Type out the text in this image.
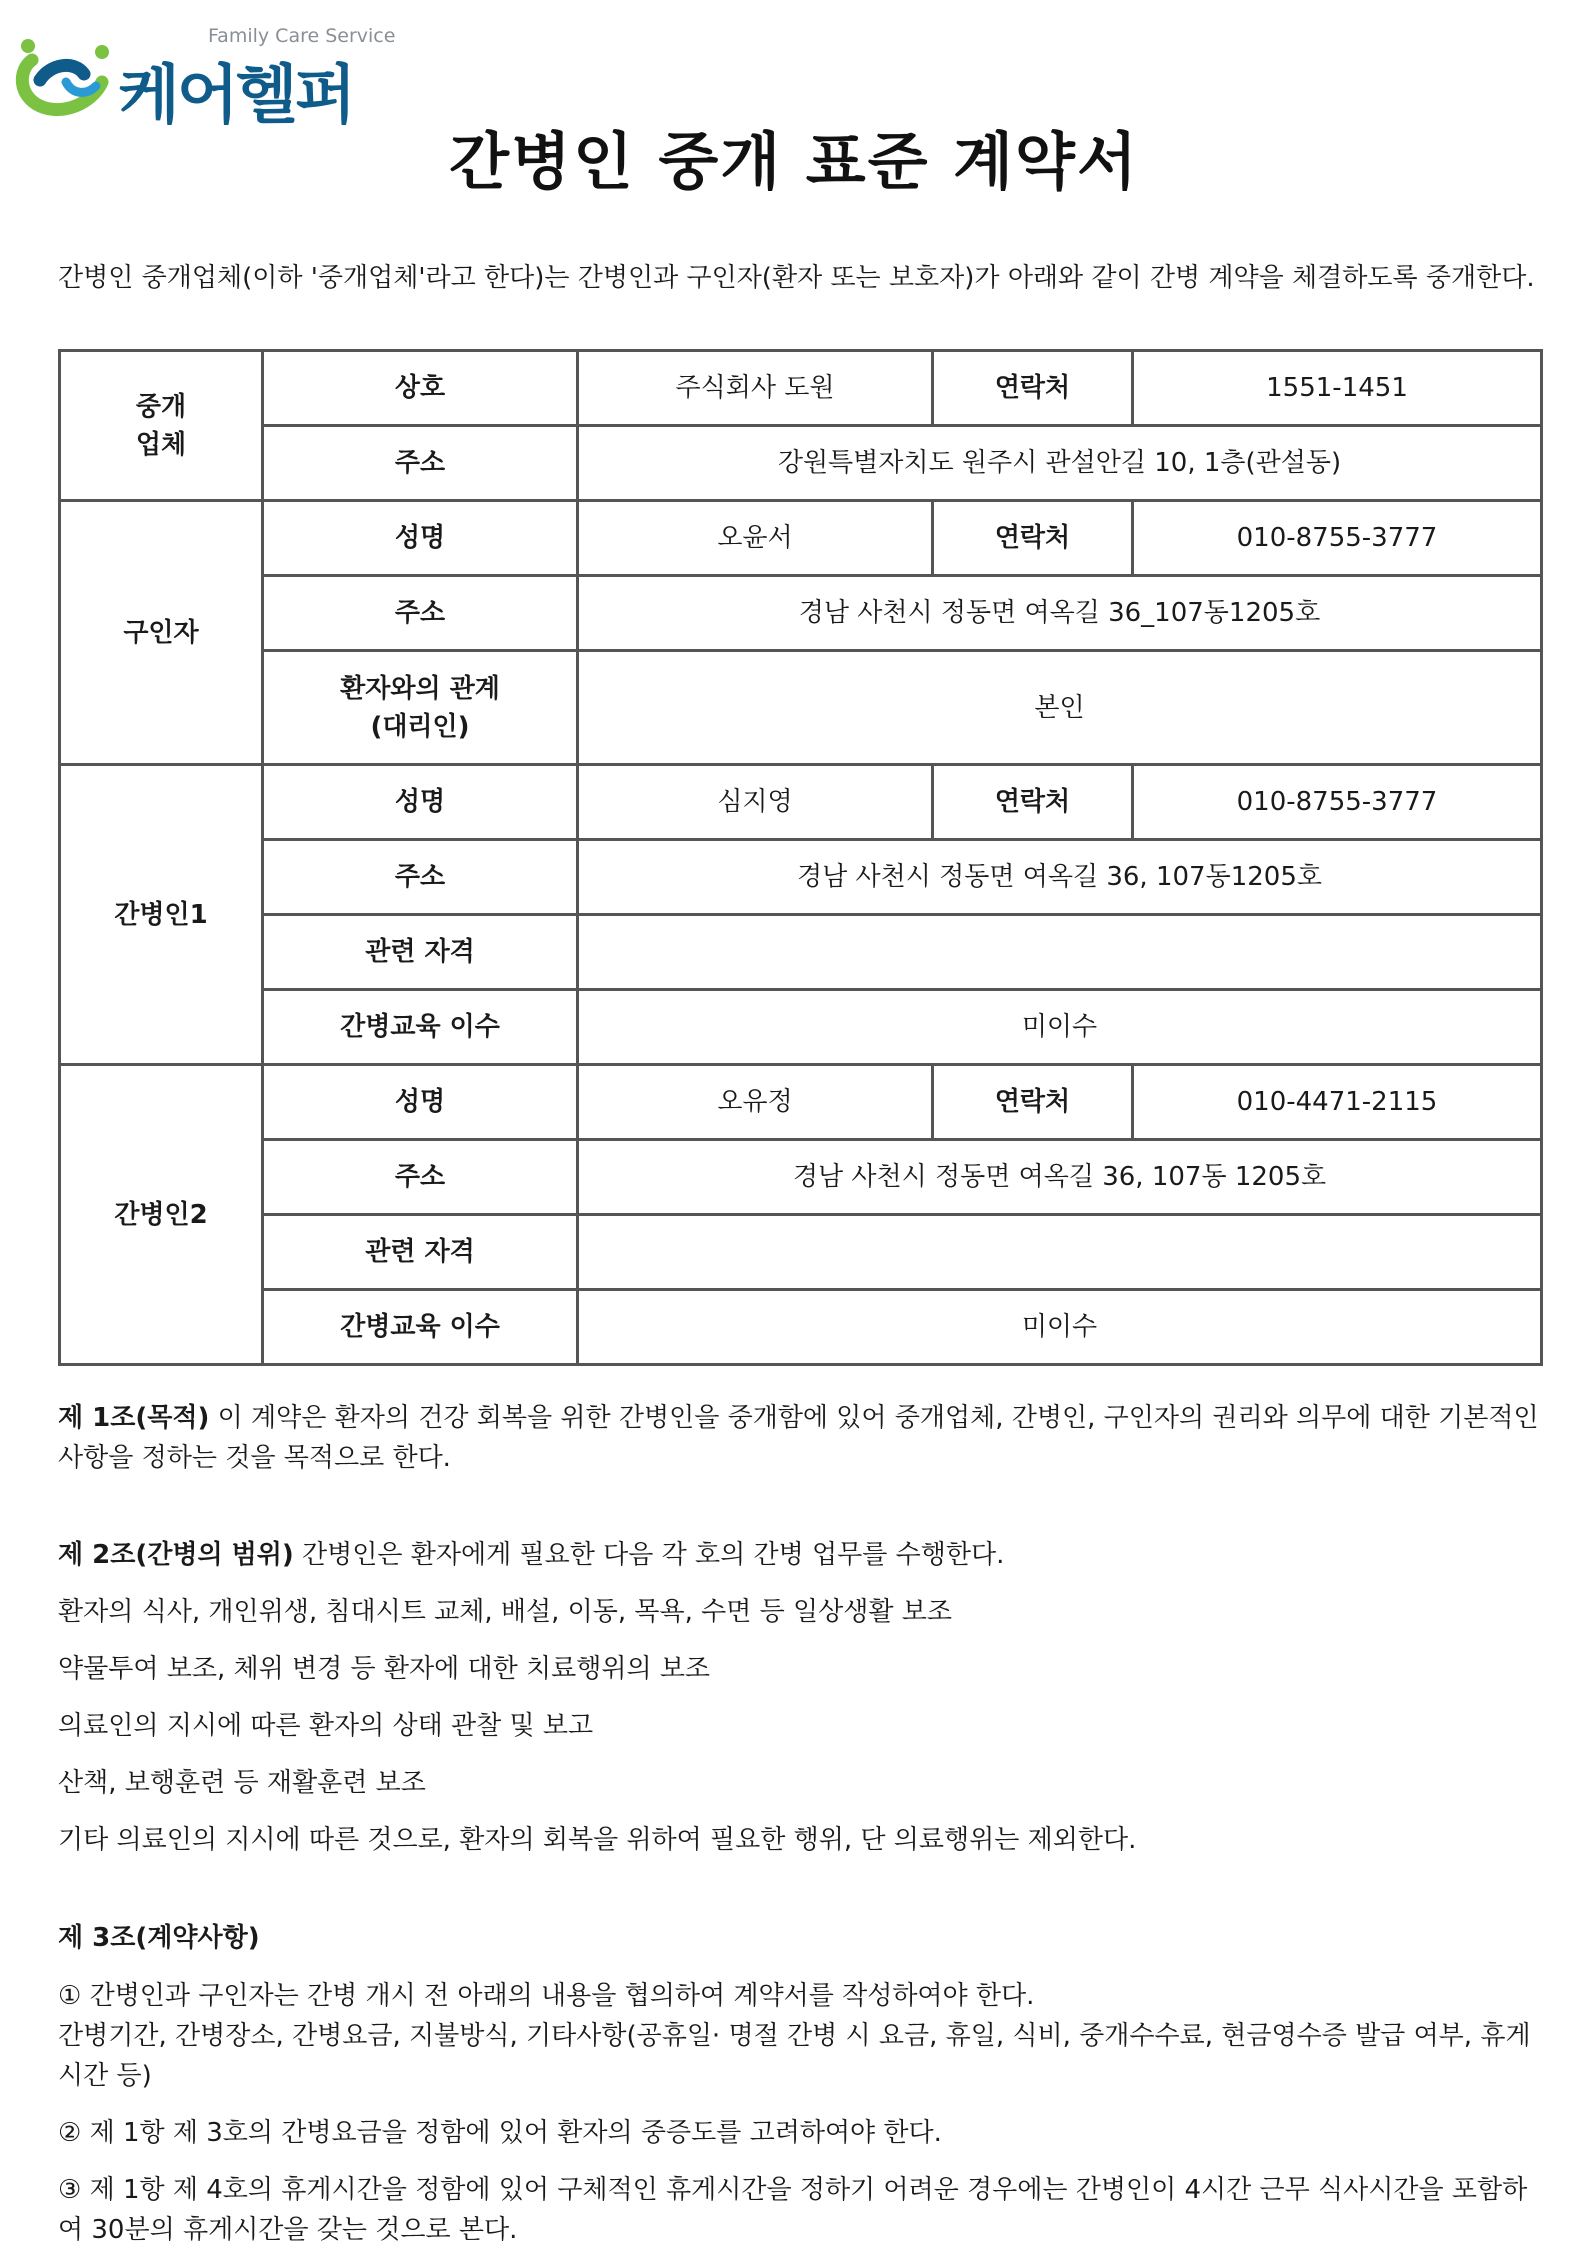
Family Care Service
케어헬퍼
간병인 중개 표준 계약서
간병인 중개업체(이하 '중개업체'라고 한다)는 간병인과 구인자(환자 또는 보호자)가 아래와 같이 간병 계약을 체결하도록 중개한다.
중개
업체	상호	주식회사 도원	연락처	1551-1451
	주소	강원특별자치도 원주시 관설안길 10, 1층(관설동)		
구인자	성명	오윤서	연락처	010-8755-3777
	주소	경남 사천시 정동면 여옥길 36_107동1205호		
	환자와의 관계
(대리인)	본인		
간병인1	성명	심지영	연락처	010-8755-3777
	주소	경남 사천시 정동면 여옥길 36, 107동1205호		
	관련 자격			
	간병교육 이수	미이수		
간병인2	성명	오유정	연락처	010-4471-2115
	주소	경남 사천시 정동면 여옥길 36, 107동 1205호		
	관련 자격			
	간병교육 이수	미이수		

제 1조(목적) 이 계약은 환자의 건강 회복을 위한 간병인을 중개함에 있어 중개업체, 간병인, 구인자의 권리와 의무에 대한 기본적인 사항을 정하는 것을 목적으로 한다.

제 2조(간병의 범위) 간병인은 환자에게 필요한 다음 각 호의 간병 업무를 수행한다.

환자의 식사, 개인위생, 침대시트 교체, 배설, 이동, 목욕, 수면 등 일상생활 보조

약물투여 보조, 체위 변경 등 환자에 대한 치료행위의 보조

의료인의 지시에 따른 환자의 상태 관찰 및 보고

산책, 보행훈련 등 재활훈련 보조

기타 의료인의 지시에 따른 것으로, 환자의 회복을 위하여 필요한 행위, 단 의료행위는 제외한다.

제 3조(계약사항)

① 간병인과 구인자는 간병 개시 전 아래의 내용을 협의하여 계약서를 작성하여야 한다.

간병기간, 간병장소, 간병요금, 지불방식, 기타사항(공휴일· 명절 간병 시 요금, 휴일, 식비, 중개수수료, 현금영수증 발급 여부, 휴게시간 등)

② 제 1항 제 3호의 간병요금을 정함에 있어 환자의 중증도를 고려하여야 한다.

③ 제 1항 제 4호의 휴게시간을 정함에 있어 구체적인 휴게시간을 정하기 어려운 경우에는 간병인이 4시간 근무 식사시간을 포함하여 30분의 휴게시간을 갖는 것으로 본다.
